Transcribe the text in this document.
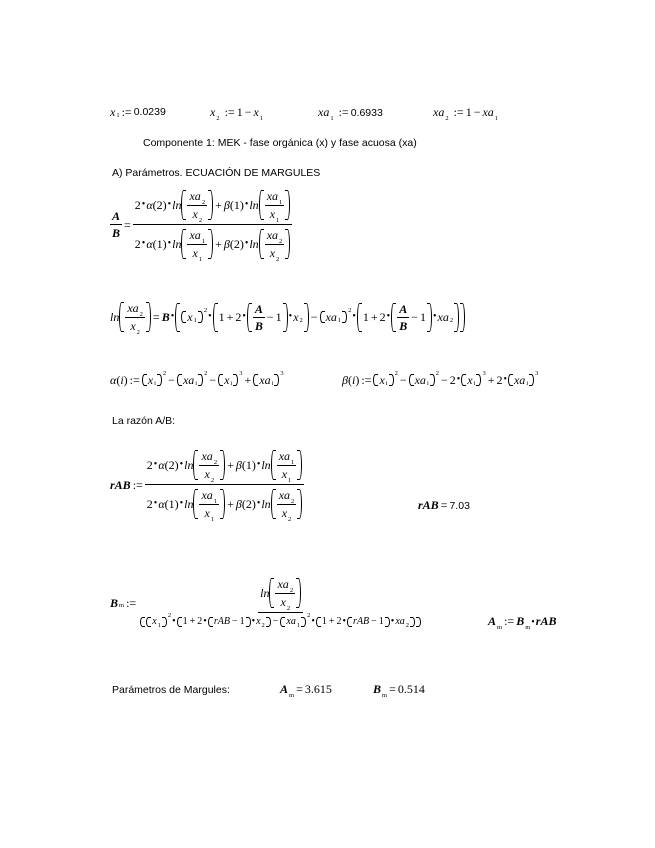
x 1 := 0.0239	$x_2$ := $1 - x_1$	$xa_1$ := 0.6933	$xa_2$ := $1 - xa_1$
Componente 1: MEK - fase orgánica (x) y fase acuosa (xa)
A) Parámetros. ECUACIÓN DE MARGULES
$\frac{A}{B} = \frac{2 • \alpha ( 2 ) • \ln \frac{xa_2}{x_2} + \beta ( 1 ) • \ln \frac{xa_1}{x_1}}{2 • \alpha ( 1 ) • \ln \frac{xa_1}{x_1} + \beta ( 2 ) • \ln \frac{xa_2}{x_2}}$
$\ln \frac{xa_2}{x_2} = B$ • x 1
2
• 1 + 2 • $\frac{A}{B} - 1$ • x 2 − xa 1
2
• 1 + 2 • $\frac{A}{B} - 1$ • xa 2
α ( i ) := x i
2 − xa i
2 − x i
3 + xa i
3	β ( i ) := x i
2 − xa i
2 − 2 • x i
3 + 2 • xa i
3
La razón A/B:
rAB := $\frac{2 • \alpha ( 2 ) • \ln \frac{xa_2}{x_2} + \beta ( 1 ) • \ln \frac{xa_1}{x_1}}{2 • \alpha ( 1 ) • \ln \frac{xa_1}{x_1} + \beta ( 2 ) • \ln \frac{xa_2}{x_2}}$	rAB = 7.03
B m :=
$\ln \frac{xa_2}{x_2}$
x 1
2
• 1 + 2 • rAB − 1 • x 2 − xa 1
2
• 1 + 2 • rAB − 1 • xa 2	$A_m$ := $B_m•rAB$
Parámetros de Margules:	$A_m = 3.615$	$B_m = 0.514$
